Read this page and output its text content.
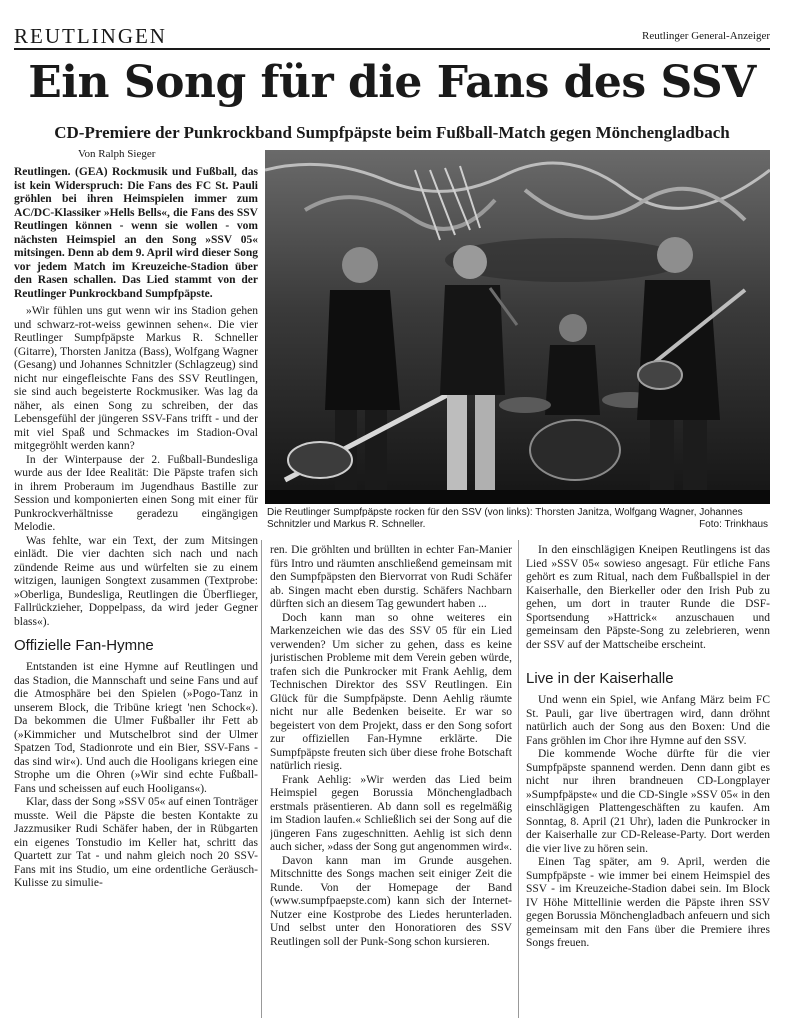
REUTLINGEN	Reutlinger General-Anzeiger
Ein Song für die Fans des SSV
CD-Premiere der Punkrockband Sumpfpäpste beim Fußball-Match gegen Mönchengladbach
Von Ralph Sieger

Reutlingen. (GEA) Rockmusik und Fußball, das ist kein Widerspruch: Die Fans des FC St. Pauli gröhlen bei ihren Heimspielen immer zum AC/DC-Klassiker »Hells Bells«, die Fans des SSV Reutlingen können - wenn sie wollen - vom nächsten Heimspiel an den Song »SSV 05« mitsingen. Denn ab dem 9. April wird dieser Song vor jedem Match im Kreuzeiche-Stadion über den Rasen schallen. Das Lied stammt von der Reutlinger Punkrockband Sumpfpäpste.

»Wir fühlen uns gut wenn wir ins Stadion gehen und schwarz-rot-weiss gewinnen sehen«. Die vier Reutlinger Sumpfpäpste Markus R. Schneller (Gitarre), Thorsten Janitza (Bass), Wolfgang Wagner (Gesang) und Johannes Schnitzler (Schlagzeug) sind nicht nur eingefleischte Fans des SSV Reutlingen, sie sind auch begeisterte Rockmusiker. Was lag da näher, als einen Song zu schreiben, der das Lebensgefühl der jüngeren SSV-Fans trifft - und der mit viel Spaß und Schmackes im Stadion-Oval mitgegröhlt werden kann?

In der Winterpause der 2. Fußball-Bundesliga wurde aus der Idee Realität: Die Päpste trafen sich in ihrem Proberaum im Jugendhaus Bastille zur Session und komponierten einen Song mit einer für Punkrockverhältnisse geradezu eingängigen Melodie.

Was fehlte, war ein Text, der zum Mitsingen einlädt. Die vier dachten sich nach und nach zündende Reime aus und würfelten sie zu einem witzigen, launigen Songtext zusammen (Textprobe: »Oberliga, Bundesliga, Reutlingen die Überflieger, Fallrückzieher, Doppelpass, da wird jeder Gegner blass«).

Offizielle Fan-Hymne

Entstanden ist eine Hymne auf Reutlingen und das Stadion, die Mannschaft und seine Fans und auf die Atmosphäre bei den Spielen (»Pogo-Tanz in unserem Block, die Tribüne kriegt 'nen Schock«). Da bekommen die Ulmer Fußballer ihr Fett ab (»Kimmicher und Mutschelbrot sind der Ulmer Spatzen Tod, Stadionrote und ein Bier, SSV-Fans - das sind wir«). Und auch die Hooligans kriegen eine Strophe um die Ohren (»Wir sind echte Fußball-Fans und scheissen auf euch Hooligans«).

Klar, dass der Song »SSV 05« auf einen Tonträger musste. Weil die Päpste die besten Kontakte zu Jazzmusiker Rudi Schäfer haben, der in Rübgarten ein eigenes Tonstudio im Keller hat, schritt das Quartett zur Tat - und nahm gleich noch 20 SSV-Fans mit ins Studio, um eine ordentliche Geräusch-Kulisse zu simulie-

Die Reutlinger Sumpfpäpste rocken für den SSV (von links): Thorsten Janitza, Wolfgang Wagner, Johannes Schnitzler und Markus R. Schneller.	Foto: Trinkhaus

ren. Die gröhlten und brüllten in echter Fan-Manier fürs Intro und räumten anschließend gemeinsam mit den Sumpfpäpsten den Biervorrat von Rudi Schäfer ab. Singen macht eben durstig. Schäfers Nachbarn dürften sich an diesem Tag gewundert haben ...

Doch kann man so ohne weiteres ein Markenzeichen wie das des SSV 05 für ein Lied verwenden? Um sicher zu gehen, dass es keine juristischen Probleme mit dem Verein geben würde, trafen sich die Punkrocker mit Frank Aehlig, dem Technischen Direktor des SSV Reutlingen. Ein Glück für die Sumpfpäpste. Denn Aehlig räumte nicht nur alle Bedenken beiseite. Er war so begeistert von dem Projekt, dass er den Song sofort zur offiziellen Fan-Hymne erklärte. Die Sumpfpäpste freuten sich über diese frohe Botschaft natürlich riesig.

Frank Aehlig: »Wir werden das Lied beim Heimspiel gegen Borussia Mönchengladbach erstmals präsentieren. Ab dann soll es regelmäßig im Stadion laufen.« Schließlich sei der Song auf die jüngeren Fans zugeschnitten. Aehlig ist sich denn auch sicher, »dass der Song gut angenommen wird«.

Davon kann man im Grunde ausgehen. Mitschnitte des Songs machen seit einiger Zeit die Runde. Von der Homepage der Band (www.sumpfpaepste.com) kann sich der Internet-Nutzer eine Kostprobe des Liedes herunterladen. Und selbst unter den Honoratioren des SSV Reutlingen soll der Punk-Song schon kursieren.

In den einschlägigen Kneipen Reutlingens ist das Lied »SSV 05« sowieso angesagt. Für etliche Fans gehört es zum Ritual, nach dem Fußballspiel in der Kaiserhalle, den Bierkeller oder den Irish Pub zu gehen, um dort in trauter Runde die DSF-Sportsendung »Hattrick« anzuschauen und gemeinsam den Päpste-Song zu zelebrieren, wenn der SSV auf der Mattscheibe erscheint.

Live in der Kaiserhalle

Und wenn ein Spiel, wie Anfang März beim FC St. Pauli, gar live übertragen wird, dann dröhnt natürlich auch der Song aus den Boxen: Und die Fans gröhlen im Chor ihre Hymne auf den SSV.

Die kommende Woche dürfte für die vier Sumpfpäpste spannend werden. Denn dann gibt es nicht nur ihren brandneuen CD-Longplayer »Sumpfpäpste« und die CD-Single »SSV 05« in den einschlägigen Plattengeschäften zu kaufen. Am Sonntag, 8. April (21 Uhr), laden die Punkrocker in der Kaiserhalle zur CD-Release-Party. Dort werden die vier live zu hören sein.

Einen Tag später, am 9. April, werden die Sumpfpäpste - wie immer bei einem Heimspiel des SSV - im Kreuzeiche-Stadion dabei sein. Im Block IV Höhe Mittellinie werden die Päpste ihren SSV gegen Borussia Mönchengladbach anfeuern und sich gemeinsam mit den Fans über die Premiere ihres Songs freuen.
